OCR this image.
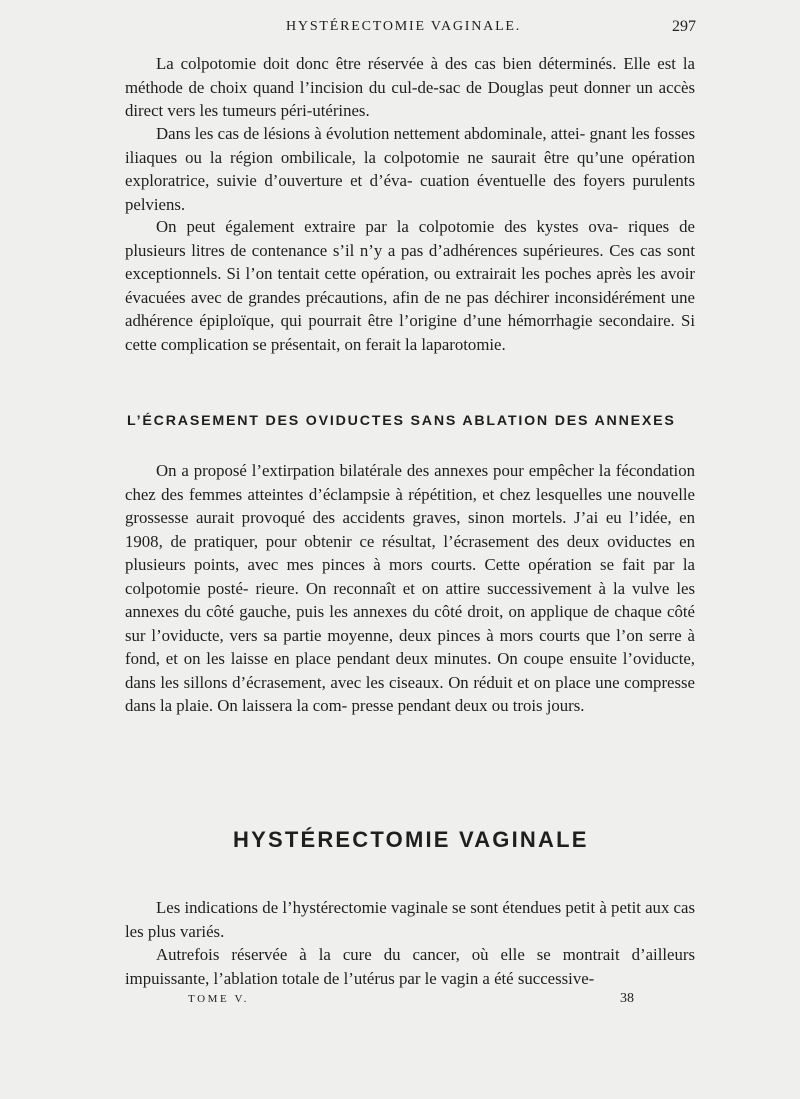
HYSTÉRECTOMIE VAGINALE.	297

La colpotomie doit donc être réservée à des cas bien déterminés. Elle est la méthode de choix quand l’incision du cul-de-sac de Douglas peut donner un accès direct vers les tumeurs péri-utérines.

Dans les cas de lésions à évolution nettement abdominale, attei- gnant les fosses iliaques ou la région ombilicale, la colpotomie ne saurait être qu’une opération exploratrice, suivie d’ouverture et d’éva- cuation éventuelle des foyers purulents pelviens.

On peut également extraire par la colpotomie des kystes ova- riques de plusieurs litres de contenance s’il n’y a pas d’adhérences supérieures. Ces cas sont exceptionnels. Si l’on tentait cette opération, ou extrairait les poches après les avoir évacuées avec de grandes précautions, afin de ne pas déchirer inconsidérément une adhérence épiploïque, qui pourrait être l’origine d’une hémorrhagie secondaire. Si cette complication se présentait, on ferait la laparotomie.

L’ÉCRASEMENT DES OVIDUCTES SANS ABLATION DES ANNEXES

On a proposé l’extirpation bilatérale des annexes pour empêcher la fécondation chez des femmes atteintes d’éclampsie à répétition, et chez lesquelles une nouvelle grossesse aurait provoqué des accidents graves, sinon mortels. J’ai eu l’idée, en 1908, de pratiquer, pour obtenir ce résultat, l’écrasement des deux oviductes en plusieurs points, avec mes pinces à mors courts. Cette opération se fait par la colpotomie posté- rieure. On reconnaît et on attire successivement à la vulve les annexes du côté gauche, puis les annexes du côté droit, on applique de chaque côté sur l’oviducte, vers sa partie moyenne, deux pinces à mors courts que l’on serre à fond, et on les laisse en place pendant deux minutes. On coupe ensuite l’oviducte, dans les sillons d’écrasement, avec les ciseaux. On réduit et on place une compresse dans la plaie. On laissera la com- presse pendant deux ou trois jours.

HYSTÉRECTOMIE VAGINALE

Les indications de l’hystérectomie vaginale se sont étendues petit à petit aux cas les plus variés.

Autrefois réservée à la cure du cancer, où elle se montrait d’ailleurs impuissante, l’ablation totale de l’utérus par le vagin a été successive-

TOME V.	38
